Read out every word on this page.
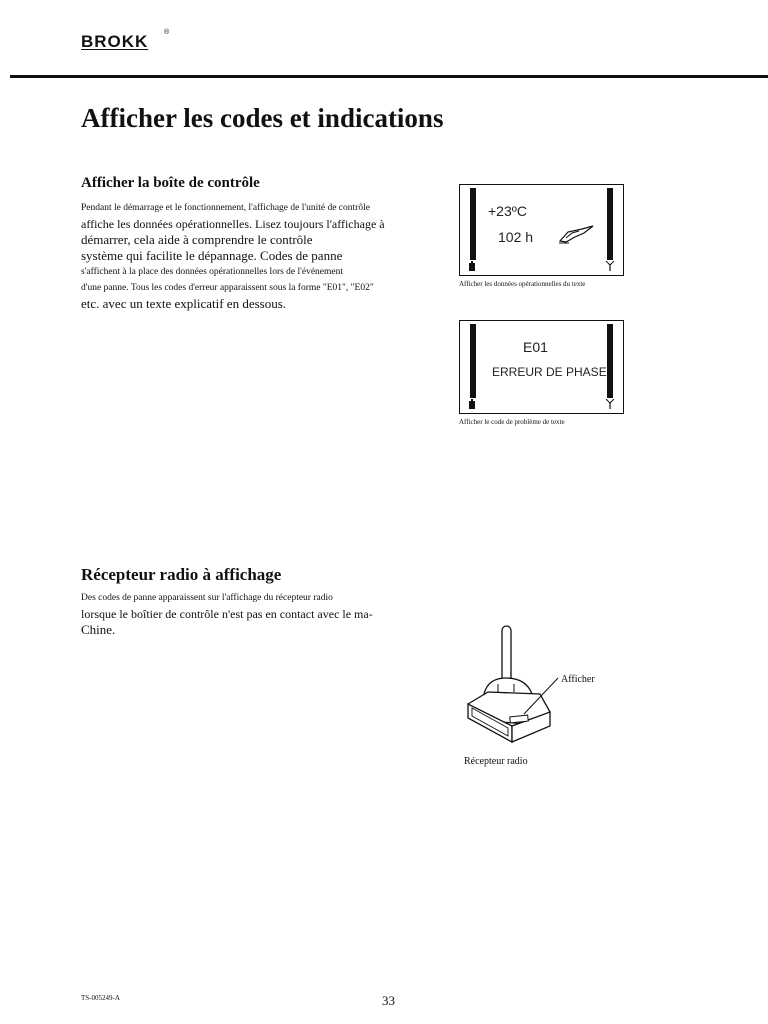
BROKK ®
Afficher les codes et indications
Afficher la boîte de contrôle

Pendant le démarrage et le fonctionnement, l'affichage de l'unité de contrôle
affiche les données opérationnelles. Lisez toujours l'affichage à
démarrer, cela aide à comprendre le contrôle
système qui facilite le dépannage. Codes de panne
s'affichent à la place des données opérationnelles lors de l'événement
d'une panne. Tous les codes d'erreur apparaissent sous la forme "E01", "E02"
etc. avec un texte explicatif en dessous.

+23ºC
102 h
Afficher les données opérationnelles du texte
E01
ERREUR DE PHASE
Afficher le code de problème de texte
Récepteur radio à affichage

Des codes de panne apparaissent sur l'affichage du récepteur radio
lorsque le boîtier de contrôle n'est pas en contact avec le ma-
Chine.

Afficher
Récepteur radio
TS-005249-A	33
